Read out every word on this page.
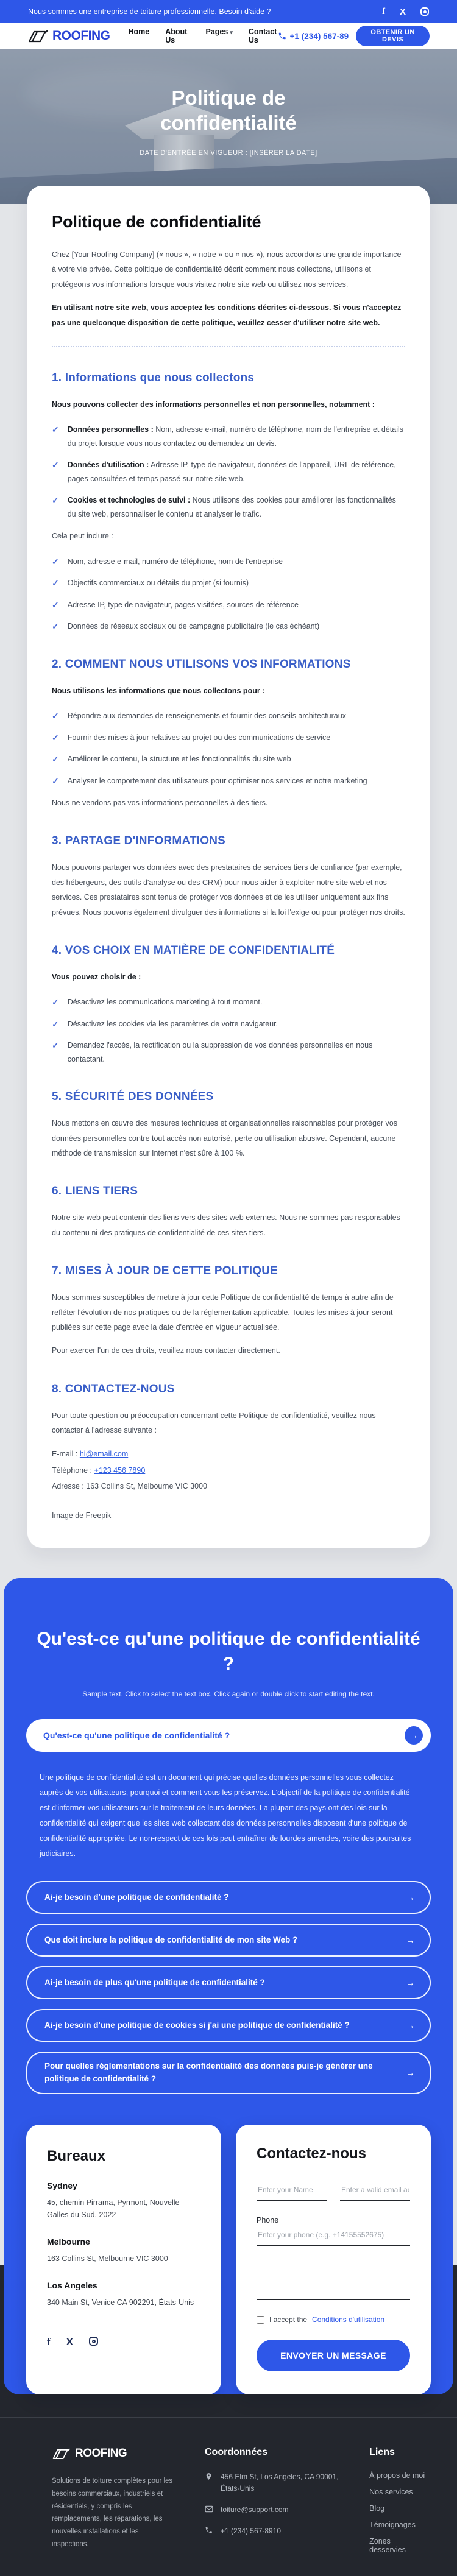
Nous sommes une entreprise de toiture professionnelle. Besoin d'aide ?
f
X
ROOFING Home About Us
Pages ▾ Contact Us	+1 (234) 567-89	OBTENIR UN DEVIS
Politique de confidentialité
DATE D'ENTRÉE EN VIGUEUR : [INSÉRER LA DATE]
Politique de confidentialité

Chez [Your Roofing Company] (« nous », « notre » ou « nos »), nous accordons une grande importance à votre vie privée. Cette politique de confidentialité décrit comment nous collectons, utilisons et protégeons vos informations lorsque vous visitez notre site web ou utilisez nos services.

En utilisant notre site web, vous acceptez les conditions décrites ci-dessous. Si vous n'acceptez pas une quelconque disposition de cette politique, veuillez cesser d'utiliser notre site web.

1. Informations que nous collectons

Nous pouvons collecter des informations personnelles et non personnelles, notamment :

✓
Données personnelles : Nom, adresse e-mail, numéro de téléphone, nom de l'entreprise et détails du projet lorsque vous nous contactez ou demandez un devis.
✓
Données d'utilisation : Adresse IP, type de navigateur, données de l'appareil, URL de référence, pages consultées et temps passé sur notre site web.
✓
Cookies et technologies de suivi : Nous utilisons des cookies pour améliorer les fonctionnalités du site web, personnaliser le contenu et analyser le trafic.

Cela peut inclure :

✓
Nom, adresse e-mail, numéro de téléphone, nom de l'entreprise
✓
Objectifs commerciaux ou détails du projet (si fournis)
✓
Adresse IP, type de navigateur, pages visitées, sources de référence
✓
Données de réseaux sociaux ou de campagne publicitaire (le cas échéant)
2. COMMENT NOUS UTILISONS VOS INFORMATIONS

Nous utilisons les informations que nous collectons pour :

✓
Répondre aux demandes de renseignements et fournir des conseils architecturaux
✓
Fournir des mises à jour relatives au projet ou des communications de service
✓
Améliorer le contenu, la structure et les fonctionnalités du site web
✓
Analyser le comportement des utilisateurs pour optimiser nos services et notre marketing

Nous ne vendons pas vos informations personnelles à des tiers.

3. PARTAGE D'INFORMATIONS

Nous pouvons partager vos données avec des prestataires de services tiers de confiance (par exemple, des hébergeurs, des outils d'analyse ou des CRM) pour nous aider à exploiter notre site web et nos services. Ces prestataires sont tenus de protéger vos données et de les utiliser uniquement aux fins prévues. Nous pouvons également divulguer des informations si la loi l'exige ou pour protéger nos droits.

4. VOS CHOIX EN MATIÈRE DE CONFIDENTIALITÉ

Vous pouvez choisir de :

✓
Désactivez les communications marketing à tout moment.
✓
Désactivez les cookies via les paramètres de votre navigateur.
✓
Demandez l'accès, la rectification ou la suppression de vos données personnelles en nous contactant.
5. SÉCURITÉ DES DONNÉES

Nous mettons en œuvre des mesures techniques et organisationnelles raisonnables pour protéger vos données personnelles contre tout accès non autorisé, perte ou utilisation abusive. Cependant, aucune méthode de transmission sur Internet n'est sûre à 100 %.

6. LIENS TIERS

Notre site web peut contenir des liens vers des sites web externes. Nous ne sommes pas responsables du contenu ni des pratiques de confidentialité de ces sites tiers.

7. MISES À JOUR DE CETTE POLITIQUE

Nous sommes susceptibles de mettre à jour cette Politique de confidentialité de temps à autre afin de refléter l'évolution de nos pratiques ou de la réglementation applicable. Toutes les mises à jour seront publiées sur cette page avec la date d'entrée en vigueur actualisée.

Pour exercer l'un de ces droits, veuillez nous contacter directement.

8. CONTACTEZ-NOUS

Pour toute question ou préoccupation concernant cette Politique de confidentialité, veuillez nous contacter à l'adresse suivante :

E-mail : hi@email.com
Téléphone : +123 456 7890
Adresse : 163 Collins St, Melbourne VIC 3000
Image de Freepik
Qu'est-ce qu'une politique de confidentialité ?

Sample text. Click to select the text box. Click again or double click to start editing the text.

Qu'est-ce qu'une politique de confidentialité ?
→

Une politique de confidentialité est un document qui précise quelles données personnelles vous collectez auprès de vos utilisateurs, pourquoi et comment vous les préservez. L'objectif de la politique de confidentialité est d'informer vos utilisateurs sur le traitement de leurs données. La plupart des pays ont des lois sur la confidentialité qui exigent que les sites web collectant des données personnelles disposent d'une politique de confidentialité appropriée. Le non-respect de ces lois peut entraîner de lourdes amendes, voire des poursuites judiciaires.

Ai-je besoin d'une politique de confidentialité ?
→
Que doit inclure la politique de confidentialité de mon site Web ?
→
Ai-je besoin de plus qu'une politique de confidentialité ?
→
Ai-je besoin d'une politique de cookies si j'ai une politique de confidentialité ?
→
Pour quelles réglementations sur la confidentialité des données puis-je générer une politique de confidentialité ?
→
Bureaux
Sydney

45, chemin Pirrama, Pyrmont, Nouvelle-Galles du Sud, 2022

Melbourne

163 Collins St, Melbourne VIC 3000

Los Angeles

340 Main St, Venice CA 902291, États-Unis

f
X
Contactez-nous
Enter your Name
Enter a valid email address
Phone
Enter your phone (e.g. +14155552675)
I accept the Conditions d'utilisation
ENVOYER UN MESSAGE
ROOFING

Solutions de toiture complètes pour les besoins commerciaux, industriels et résidentiels, y compris les remplacements, les réparations, les nouvelles installations et les inspections.

Coordonnées
456 Elm St, Los Angeles, CA 90001, États-Unis
toiture@support.com
+1 (234) 567-8910
Liens
À propos de moi
Nos services
Blog
Témoignages
Zones desservies
